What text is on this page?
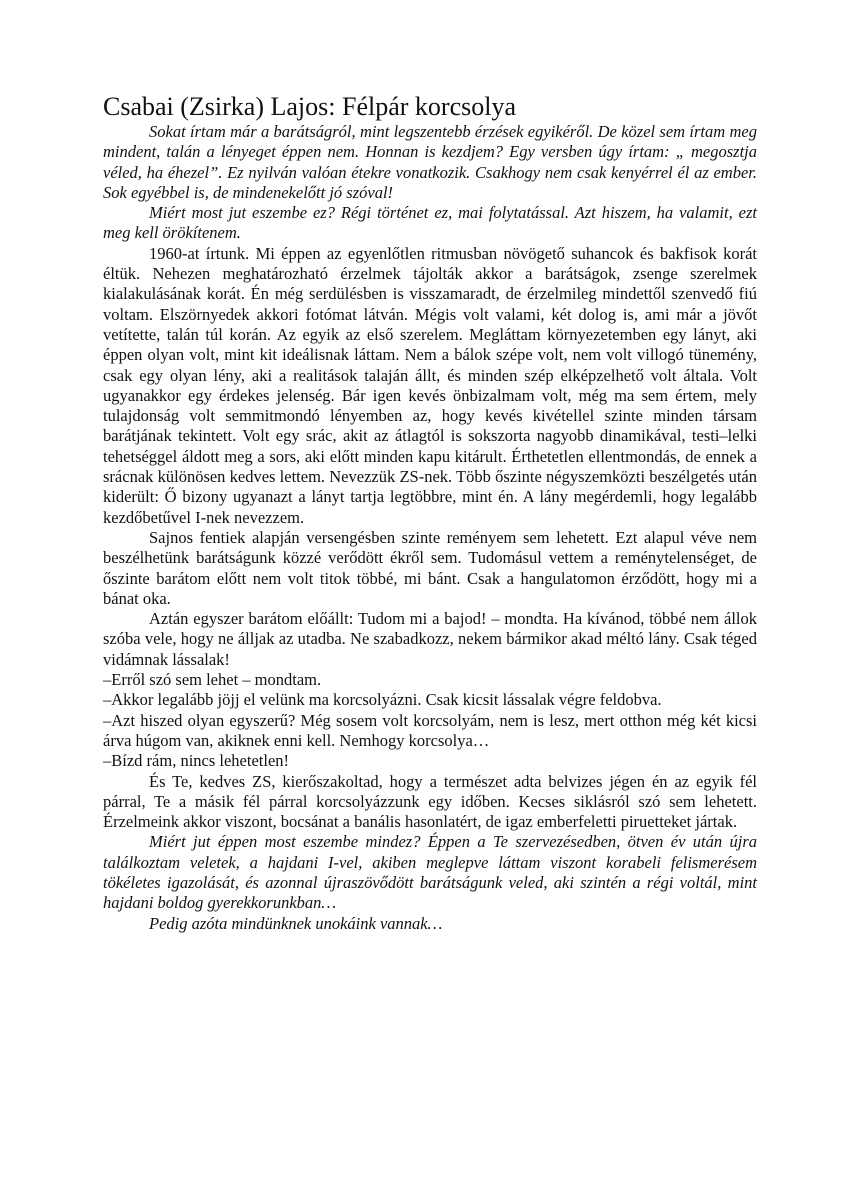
Csabai (Zsirka) Lajos: Félpár korcsolya

Sokat írtam már a barátságról, mint legszentebb érzések egyikéről. De közel sem írtam meg mindent, talán a lényeget éppen nem. Honnan is kezdjem? Egy versben úgy írtam: „ megosztja véled, ha éhezel”. Ez nyilván valóan étekre vonatkozik. Csakhogy nem csak kenyérrel él az ember. Sok egyébbel is, de mindenekelőtt jó szóval!

Miért most jut eszembe ez? Régi történet ez, mai folytatással. Azt hiszem, ha valamit, ezt meg kell örökítenem.

1960-at írtunk. Mi éppen az egyenlőtlen ritmusban növögető suhancok és bakfisok korát éltük. Nehezen meghatározható érzelmek tájolták akkor a barátságok, zsenge szerelmek kialakulásának korát. Én még serdülésben is visszamaradt, de érzelmileg mindettől szenvedő fiú voltam. Elszörnyedek akkori fotómat látván. Mégis volt valami, két dolog is, ami már a jövőt vetítette, talán túl korán. Az egyik az első szerelem. Megláttam környezetemben egy lányt, aki éppen olyan volt, mint kit ideálisnak láttam. Nem a bálok szépe volt, nem volt villogó tünemény, csak egy olyan lény, aki a realitások talaján állt, és minden szép elképzelhető volt általa. Volt ugyanakkor egy érdekes jelenség. Bár igen kevés önbizalmam volt, még ma sem értem, mely tulajdonság volt semmitmondó lényemben az, hogy kevés kivétellel szinte minden társam barátjának tekintett. Volt egy srác, akit az átlagtól is sokszorta nagyobb dinamikával, testi–lelki tehetséggel áldott meg a sors, aki előtt minden kapu kitárult. Érthetetlen ellentmondás, de ennek a srácnak különösen kedves lettem. Nevezzük ZS-nek. Több őszinte négyszemközti beszélgetés után kiderült: Ő bizony ugyanazt a lányt tartja legtöbbre, mint én. A lány megérdemli, hogy legalább kezdőbetűvel I-nek nevezzem.

Sajnos fentiek alapján versengésben szinte reményem sem lehetett. Ezt alapul véve nem beszélhetünk barátságunk közzé verődött ékről sem. Tudomásul vettem a reménytelenséget, de őszinte barátom előtt nem volt titok többé, mi bánt. Csak a hangulatomon érződött, hogy mi a bánat oka.

Aztán egyszer barátom előállt: Tudom mi a bajod! – mondta. Ha kívánod, többé nem állok szóba vele, hogy ne álljak az utadba. Ne szabadkozz, nekem bármikor akad méltó lány. Csak téged vidámnak lássalak!

–Erről szó sem lehet – mondtam.

–Akkor legalább jöjj el velünk ma korcsolyázni. Csak kicsit lássalak végre feldobva.

–Azt hiszed olyan egyszerű? Még sosem volt korcsolyám, nem is lesz, mert otthon még két kicsi árva húgom van, akiknek enni kell. Nemhogy korcsolya…

–Bízd rám, nincs lehetetlen!

És Te, kedves ZS, kierőszakoltad, hogy a természet adta belvizes jégen én az egyik fél párral, Te a másik fél párral korcsolyázzunk egy időben. Kecses siklásról szó sem lehetett. Érzelmeink akkor viszont, bocsánat a banális hasonlatért, de igaz emberfeletti piruetteket jártak.

Miért jut éppen most eszembe mindez? Éppen a Te szervezésedben, ötven év után újra találkoztam veletek, a hajdani I-vel, akiben meglepve láttam viszont korabeli felismerésem tökéletes igazolását, és azonnal újraszövődött barátságunk veled, aki szintén a régi voltál, mint hajdani boldog gyerekkorunkban…

Pedig azóta mindünknek unokáink vannak…
